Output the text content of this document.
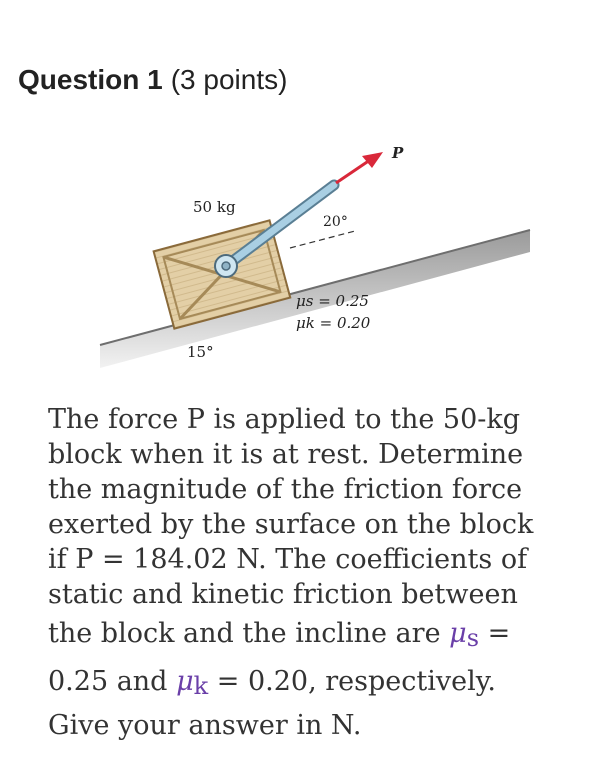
Question 1 (3 points)
P
50 kg
20°
μs = 0.25
μk = 0.20
15°
The force P is applied to the 50-kg
block when it is at rest. Determine
the magnitude of the friction force
exerted by the surface on the block
if P = 184.02 N. The coefficients of
static and kinetic friction between
the block and the incline are μs =
0.25 and μk = 0.20, respectively.
Give your answer in N.
